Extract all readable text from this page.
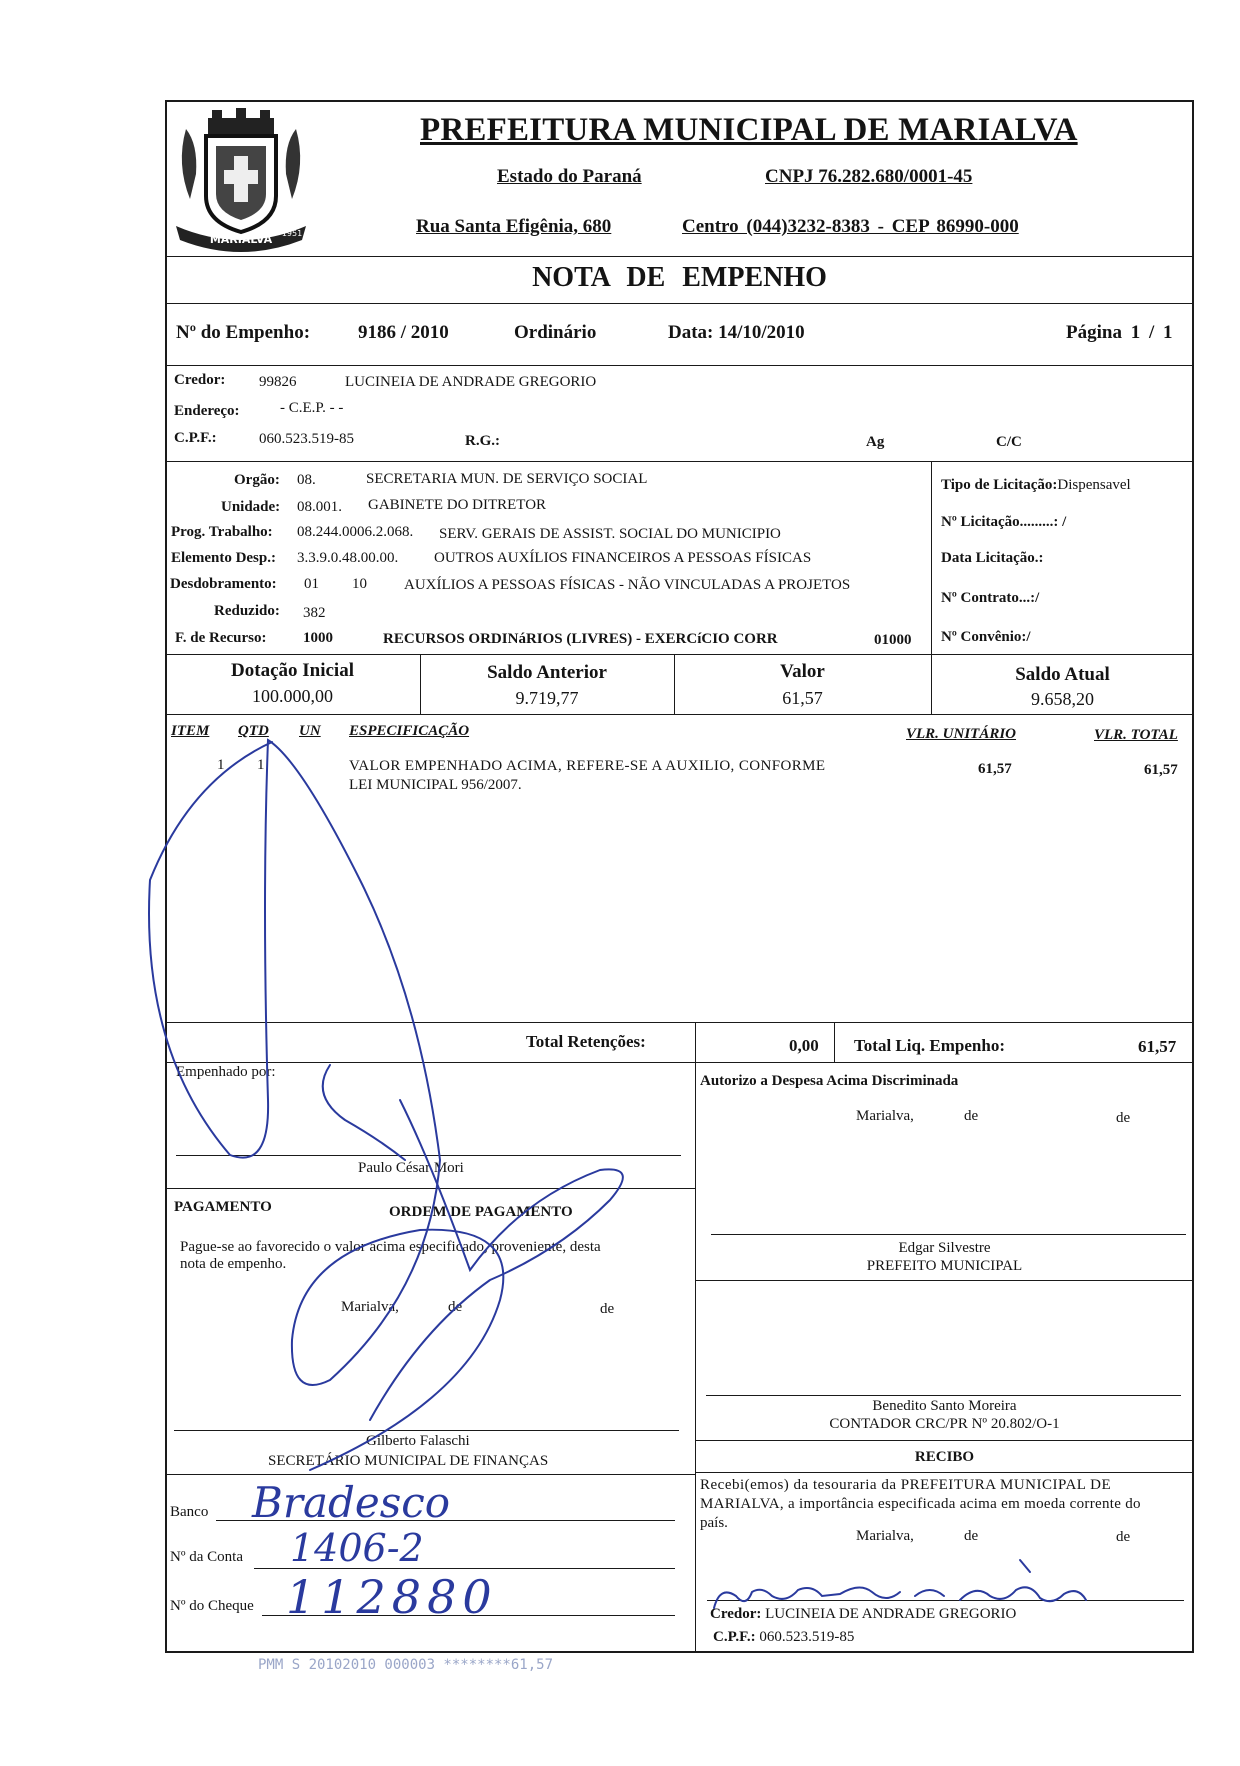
MARIALVA 1951
PREFEITURA MUNICIPAL DE MARIALVA
Estado do Paraná	CNPJ 76.282.680/0001-45
Rua Santa Efigênia, 680	Centro (044)3232-8383 - CEP 86990-000
NOTA DE EMPENHO
Nº do Empenho:	9186 / 2010	Ordinário	Data: 14/10/2010	Página 1 / 1
Credor: 99826	LUCINEIA DE ANDRADE GREGORIO
Endereço:	- C.E.P. - -
C.P.F.:	060.523.519-85	R.G.:	Ag	C/C
Orgão: 08.	SECRETARIA MUN. DE SERVIÇO SOCIAL
Unidade: 08.001. GABINETE DO DITRETOR
Prog. Trabalho: 08.244.0006.2.068. SERV. GERAIS DE ASSIST. SOCIAL DO MUNICIPIO
Elemento Desp.: 3.3.9.0.48.00.00. OUTROS AUXÍLIOS FINANCEIROS A PESSOAS FÍSICAS
Desdobramento: 01 10 AUXÍLIOS A PESSOAS FÍSICAS - NÃO VINCULADAS A PROJETOS
Reduzido: 382
F. de Recurso: 1000	RECURSOS ORDINáRIOS (LIVRES) - EXERCíCIO CORR	01000
Tipo de Licitação:Dispensavel
Nº Licitação.........: /
Data Licitação.:
Nº Contrato...:/
Nº Convênio:/
Dotação Inicial
100.000,00
Saldo Anterior
9.719,77
Valor
61,57
Saldo Atual
9.658,20
ITEM QTD UN ESPECIFICAÇÃO	VLR. UNITÁRIO	VLR. TOTAL
1 1	VALOR EMPENHADO ACIMA, REFERE-SE A AUXILIO, CONFORME
LEI MUNICIPAL 956/2007.
61,57	61,57
Total Retenções:	0,00 Total Liq. Empenho:	61,57
Empenhado por:
Paulo César Mori
PAGAMENTO	ORDEM DE PAGAMENTO
Pague-se ao favorecido o valor acima especificado, proveniente, desta
nota de empenho.
Marialva,	de	de
Gilberto Falaschi
SECRETÁRIO MUNICIPAL DE FINANÇAS
Banco Bradesco
Nº da Conta 1406-2
Nº do Cheque 112880
Autorizo a Despesa Acima Discriminada
Marialva,	de	de
Edgar Silvestre
PREFEITO MUNICIPAL
Benedito Santo Moreira
CONTADOR CRC/PR Nº 20.802/O-1
RECIBO
Recebi(emos) da tesouraria da PREFEITURA MUNICIPAL DE
MARIALVA, a importância especificada acima em moeda corrente do
país.
Marialva,	de	de
Credor: LUCINEIA DE ANDRADE GREGORIO
C.P.F.: 060.523.519-85
PMM S 20102010 000003 ********61,57
